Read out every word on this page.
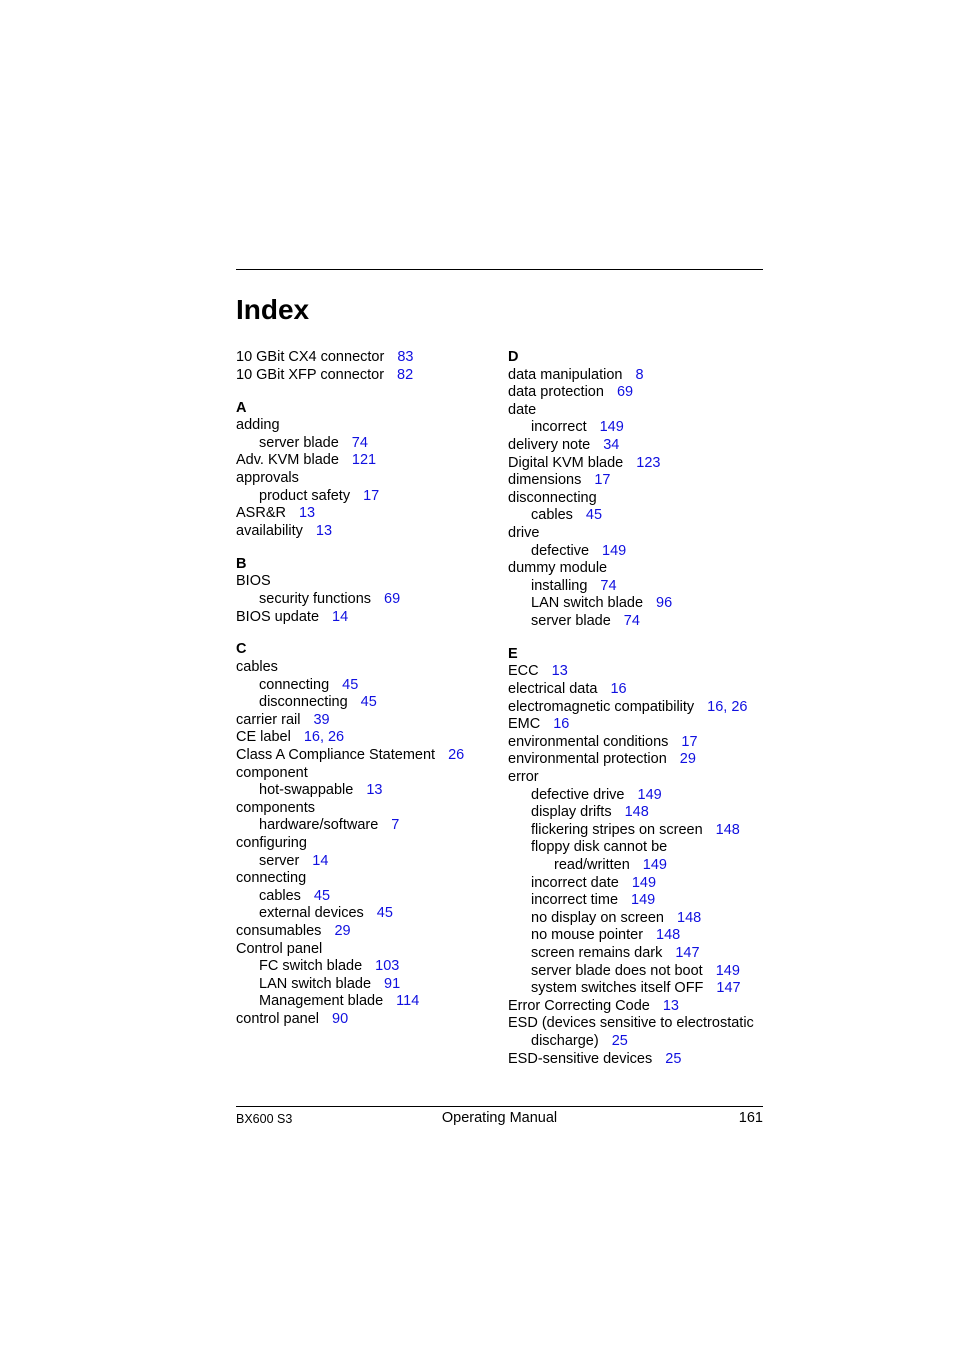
Index
10 GBit CX4 connector 83
10 GBit XFP connector 82
A
adding
server blade 74
Adv. KVM blade 121
approvals
product safety 17
ASR&R 13
availability 13
B
BIOS
security functions 69
BIOS update 14
C
cables
connecting 45
disconnecting 45
carrier rail 39
CE label 16, 26
Class A Compliance Statement 26
component
hot-swappable 13
components
hardware/software 7
configuring
server 14
connecting
cables 45
external devices 45
consumables 29
Control panel
FC switch blade 103
LAN switch blade 91
Management blade 114
control panel 90
D
data manipulation 8
data protection 69
date
incorrect 149
delivery note 34
Digital KVM blade 123
dimensions 17
disconnecting
cables 45
drive
defective 149
dummy module
installing 74
LAN switch blade 96
server blade 74
E
ECC 13
electrical data 16
electromagnetic compatibility 16, 26
EMC 16
environmental conditions 17
environmental protection 29
error
defective drive 149
display drifts 148
flickering stripes on screen 148
floppy disk cannot be
read/written 149
incorrect date 149
incorrect time 149
no display on screen 148
no mouse pointer 148
screen remains dark 147
server blade does not boot 149
system switches itself OFF 147
Error Correcting Code 13
ESD (devices sensitive to electrostatic
discharge) 25
ESD-sensitive devices 25
BX600 S3	Operating Manual	161
